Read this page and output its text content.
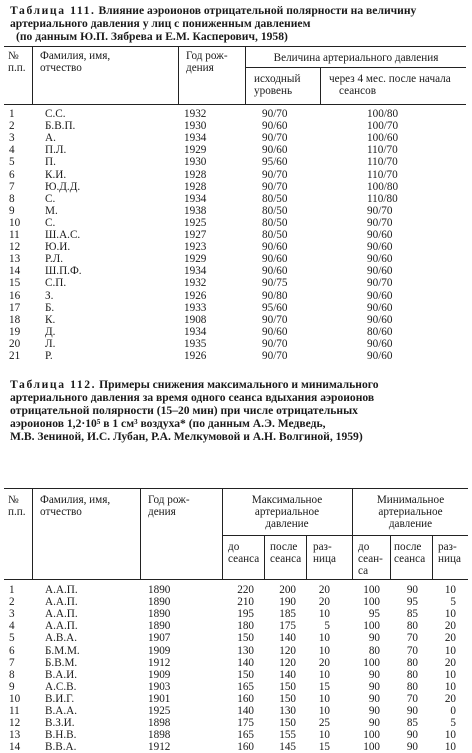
Таблица 111. Влияние аэроионов отрицательной полярности на величину
артериального давления у лиц с пониженным давлением
(по данным Ю.П. Зябрева и Е.М. Касперович, 1958)
№
п.п.
Фамилия, имя,
отчество
Год рож-
дения
Величина артериального давления
исходный
уровень
через 4 мес. после начала
сеансов
1	С.С.	1932	90/70	100/80
2	Б.В.П.	1930	90/60	100/70
3	А.	1934	90/70	100/60
4	П.Л.	1929	90/60	110/70
5	П.	1930	95/60	110/70
6	К.И.	1928	90/70	110/70
7	Ю.Д.Д.	1928	90/70	100/80
8	С.	1934	80/50	110/80
9	М.	1938	80/50	90/70
10 С.	1925	80/50	90/70
11 Ш.А.С.	1927	80/50	90/60
12 Ю.И.	1923	90/60	90/60
13 Р.Л.	1929	90/60	90/60
14 Ш.П.Ф.	1934	90/60	90/60
15 С.П.	1932	90/75	90/70
16 З.	1926	90/80	90/60
17 Б.	1933	95/60	90/60
18 К.	1908	90/70	90/60
19 Д.	1934	90/60	80/60
20 Л.	1935	90/70	90/60
21 Р.	1926	90/70	90/60
Таблица 112. Примеры снижения максимального и минимального
артериального давления за время одного сеанса вдыхания аэроионов
отрицательной полярности (15–20 мин) при числе отрицательных
аэроионов 1,2·10⁵ в 1 см³ воздуха* (по данным А.Э. Медведь,
М.В. Зениной, И.С. Лубан, Р.А. Мелкумовой и А.Н. Волгиной, 1959)
№
п.п.
Фамилия, имя,
отчество
Год рож-
дения
Максимальное
артериальное
давление
Минимальное
артериальное
давление
до
сеанса
после
сеанса
раз-
ница
до
сеан-
са
после
сеанса
раз-
ница
1	А.А.П.	1890	220	200	20	100	90	10
2	А.А.П.	1890	210	190	20	100	95	5
3	А.А.П.	1890	195	185	10	95	85	10
4	А.А.П.	1890	180	175	5	100	80	20
5	А.В.А.	1907	150	140	10	90	70	20
6	Б.М.М.	1909	130	120	10	80	70	10
7	Б.В.М.	1912	140	120	20	100	80	20
8	В.А.И.	1909	150	140	10	90	80	10
9	А.С.В.	1903	165	150	15	90	80	10
10 В.И.Г.	1901	160	150	10	90	70	20
11 В.А.А.	1925	140	130	10	90	90	0
12 В.З.И.	1898	175	150	25	90	85	5
13 В.Н.В.	1898	165	155	10	100	90	10
14 В.В.А.	1912	160	145	15	100	90	10
